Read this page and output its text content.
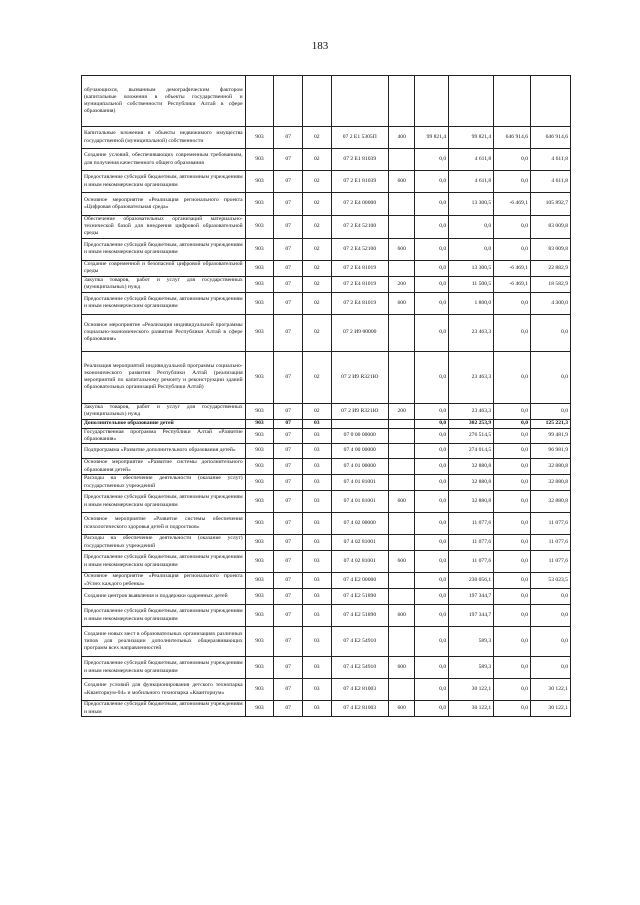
183
обучающихся, вызванным демографическим фактором (капитальные вложения в объекты государственной и муниципальной собственности Республики Алтай в сфере образования)									
Капитальные вложения в объекты недвижимого имущества государственной (муниципальной) собственности	903	07	02	07 2 E1 5305П	400	99 821,4	99 821,4	646 914,6	646 914,6
Создание условий, обеспечивающих современным требованиям, для получения качественного общего образования	903	07	02	07 2 E1 81039		0,0	4 611,8	0,0	4 611,8
Предоставление субсидий бюджетным, автономным учреждениям и иным некоммерческим организациям	903	07	02	07 2 E1 81039	600	0,0	4 611,8	0,0	4 611,8
Основное мероприятие «Реализация регионального проекта «Цифровая образовательная среда»	903	07	02	07 2 E4 00000		0,0	13 300,5	-6 469,1	105 892,7
Обеспечение образовательных организаций материально-технической базой для внедрения цифровой образовательной среды	903	07	02	07 2 E4 52100		0,0	0,0	0,0	83 009,8
Предоставление субсидий бюджетным, автономным учреждениям и иным некоммерческим организациям	903	07	02	07 2 E4 52100	600	0,0	0,0	0,0	83 009,8
Создание современной и безопасной цифровой образовательной среды	903	07	02	07 2 E4 81019		0,0	13 300,5	-6 469,1	22 882,9
Закупка товаров, работ и услуг для государственных (муниципальных) нужд	903	07	02	07 2 E4 81019	200	0,0	11 500,5	-6 469,1	18 582,9
Предоставление субсидий бюджетным, автономным учреждениям и иным некоммерческим организациям	903	07	02	07 2 E4 81019	600	0,0	1 800,0	0,0	4 300,0
Основное мероприятие «Реализация индивидуальной программы социально-экономического развития Республики Алтай в сфере образования»	903	07	02	07 2 И9 00000		0,0	23 463,3	0,0	0,0
Реализация мероприятий индивидуальной программы социально-экономического развития Республики Алтай (реализация мероприятий по капитальному ремонту и реконструкции зданий образовательных организаций Республики Алтай)	903	07	02	07 2 И9 R321Ю		0,0	23 463,3	0,0	0,0
Закупка товаров, работ и услуг для государственных (муниципальных) нужд	903	07	02	07 2 И9 R321Ю	200	0,0	23 463,3	0,0	0,0
Дополнительное образование детей	903	07	03			0,0	302 253,9	0,0	125 221,3
Государственная программа Республики Алтай «Развитие образования»	903	07	03	07 0 00 00000		0,0	276 514,5	0,0	99 481,9
Подпрограмма «Развитие дополнительного образования детей»	903	07	03	07 4 00 00000		0,0	274 014,5	0,0	96 981,9
Основное мероприятие «Развитие системы дополнительного образования детей»	903	07	03	07 4 01 00000		0,0	32 880,8	0,0	32 880,8
Расходы на обеспечение деятельности (оказание услуг) государственных учреждений	903	07	03	07 4 01 81001		0,0	32 880,8	0,0	32 880,8
Предоставление субсидий бюджетным, автономным учреждениям и иным некоммерческим организациям	903	07	03	07 4 01 81001	600	0,0	32 880,8	0,0	32 880,8
Основное мероприятие «Развитие системы обеспечения психологического здоровья детей и подростков»	903	07	03	07 4 02 00000		0,0	11 077,6	0,0	11 077,6
Расходы на обеспечение деятельности (оказание услуг) государственных учреждений	903	07	03	07 4 02 81001		0,0	11 077,6	0,0	11 077,6
Предоставление субсидий бюджетным, автономным учреждениям и иным некоммерческим организациям	903	07	03	07 4 02 81001	600	0,0	11 077,6	0,0	11 077,6
Основное мероприятие «Реализация регионального проекта «Успех каждого ребенка»	903	07	03	07 4 E2 00000		0,0	230 056,1	0,0	53 023,5
Создание центров выявления и поддержки одаренных детей	903	07	03	07 4 E2 51890		0,0	197 344,7	0,0	0,0
Предоставление субсидий бюджетным, автономным учреждениям и иным некоммерческим организациям	903	07	03	07 4 E2 51890	600	0,0	197 344,7	0,0	0,0
Создание новых мест в образовательных организациях различных типов для реализации дополнительных общеразвивающих программ всех направленностей	903	07	03	07 4 E2 54910		0,0	589,3	0,0	0,0
Предоставление субсидий бюджетным, автономным учреждениям и иным некоммерческим организациям	903	07	03	07 4 E2 54910	600	0,0	589,3	0,0	0,0
Создание условий для функционирования детского технопарка «Кванториум-04» и мобильного технопарка «Кванториум»	903	07	03	07 4 E2 81003		0,0	30 122,1	0,0	30 122,1
Предоставление субсидий бюджетным, автономным учреждениям и иным	903	07	03	07 4 E2 81003	600	0,0	30 122,1	0,0	30 122,1
